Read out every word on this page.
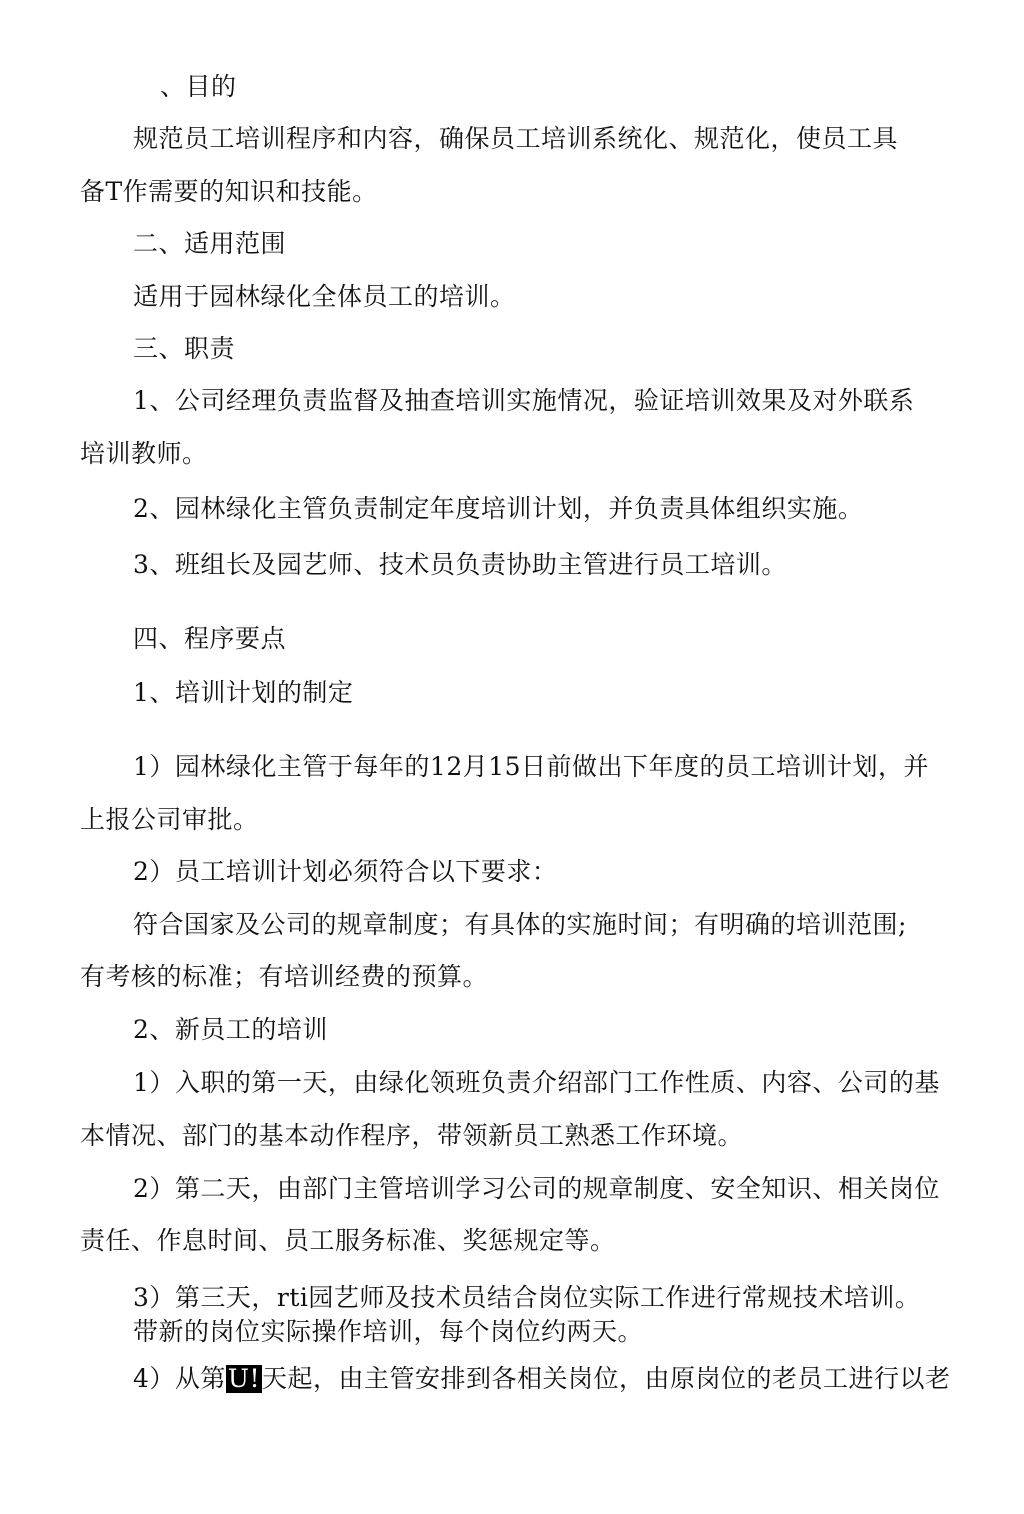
、目的
规范员工培训程序和内容，确保员工培训系统化、规范化，使员工具
备T作需要的知识和技能。
二、适用范围
适用于园林绿化全体员工的培训。
三、职责
1、公司经理负责监督及抽查培训实施情况，验证培训效果及对外联系
培训教师。
2、园林绿化主管负责制定年度培训计划，并负责具体组织实施。
3、班组长及园艺师、技术员负责协助主管进行员工培训。
四、程序要点
1、培训计划的制定
1）园林绿化主管于每年的12月15日前做出下年度的员工培训计划，并
上报公司审批。
2）员工培训计划必须符合以下要求：
符合国家及公司的规章制度；有具体的实施时间；有明确的培训范围;
有考核的标准；有培训经费的预算。
2、新员工的培训
1）入职的第一天，由绿化领班负责介绍部门工作性质、内容、公司的基
本情况、部门的基本动作程序，带领新员工熟悉工作环境。
2）第二天，由部门主管培训学习公司的规章制度、安全知识、相关岗位
责任、作息时间、员工服务标准、奖惩规定等。
3）第三天，rti园艺师及技术员结合岗位实际工作进行常规技术培训。
带新的岗位实际操作培训，每个岗位约两天。
4）从第U!天起，由主管安排到各相关岗位，由原岗位的老员工进行以老
